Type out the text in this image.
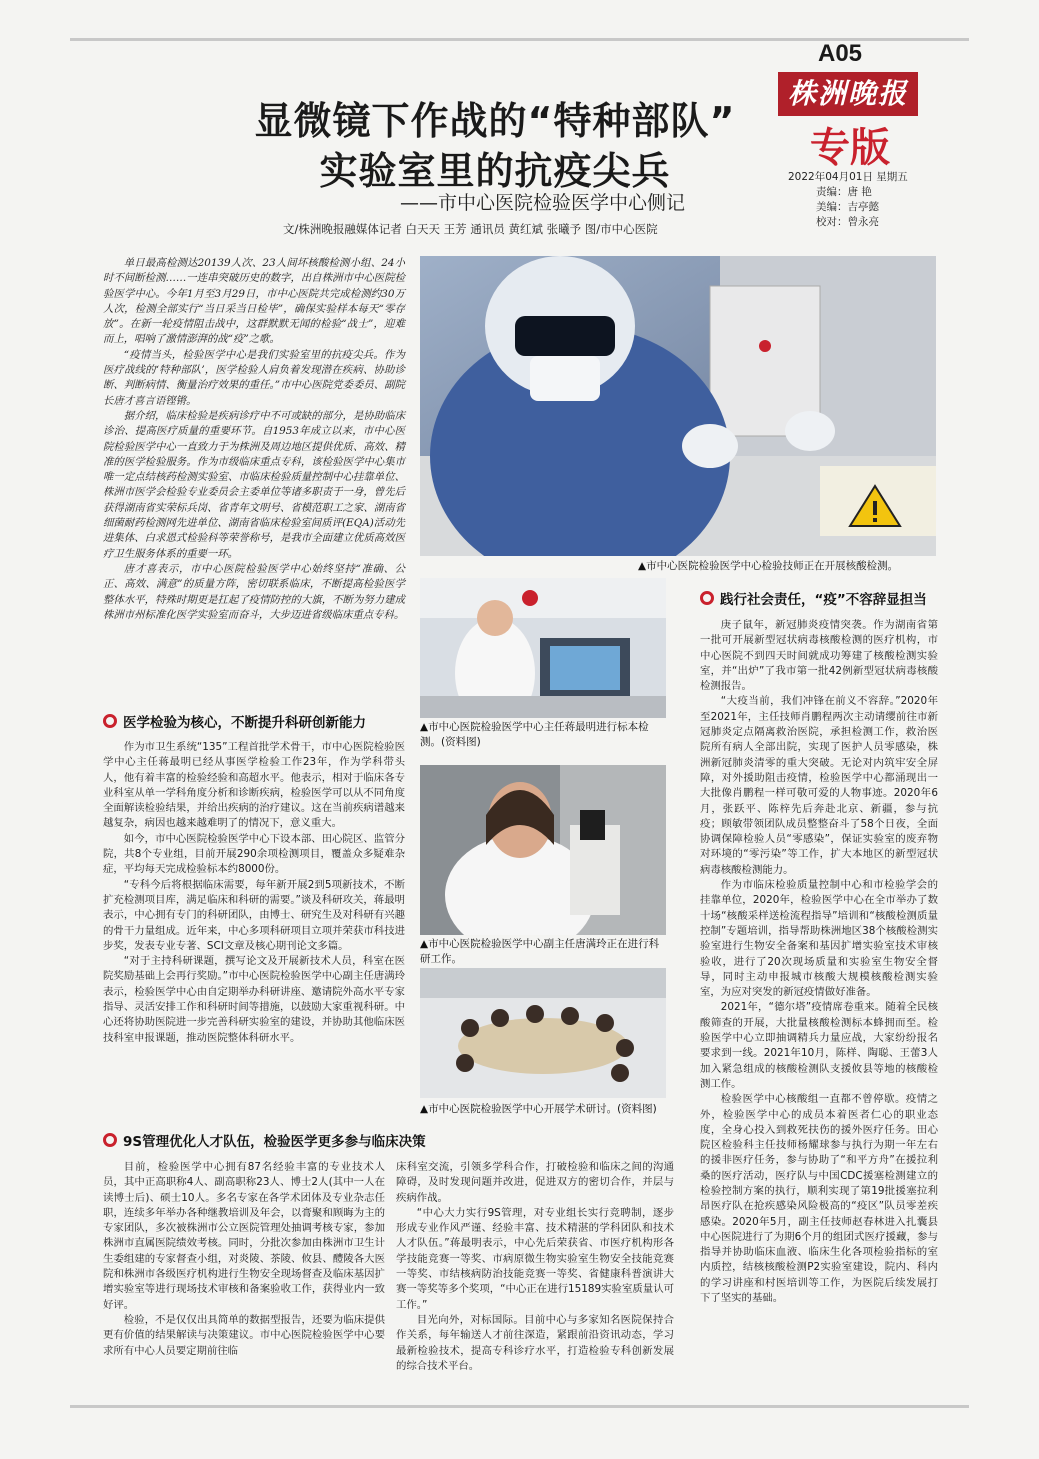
A05
株洲晚报
专版
2022年04月01日 星期五
责编：唐 艳
美编：吉亭懿
校对：曾永亮
显微镜下作战的“特种部队”
实验室里的抗疫尖兵
——市中心医院检验医学中心侧记
文/株洲晚报融媒体记者 白天天 王芳 通讯员 黄红斌 张曦予 图/市中心医院

单日最高检测达20139人次、23人间坏核酸检测小组、24小时不间断检测……一连串突破历史的数字，出自株洲市中心医院检验医学中心。今年1月至3月29日，市中心医院共完成检测约30万人次，检测全部实行“当日采当日检毕”，确保实验样本每天“零存放”。在新一轮疫情阻击战中，这群默默无闻的检验“战士”，迎难而上，唱响了激情澎湃的战“疫”之歌。

“疫情当头，检验医学中心是我们实验室里的抗疫尖兵。作为医疗战线的‘特种部队’，医学检验人肩负着发现潜在疾病、协助诊断、判断病情、衡量治疗效果的重任。”市中心医院党委委员、副院长唐才喜言语铿锵。

据介绍，临床检验是疾病诊疗中不可或缺的部分，是协助临床诊治、提高医疗质量的重要环节。自1953年成立以来，市中心医院检验医学中心一直致力于为株洲及周边地区提供优质、高效、精准的医学检验服务。作为市级临床重点专科，该检验医学中心集市唯一定点结核药检测实验室、市临床检验质量控制中心挂靠单位、株洲市医学会检验专业委员会主委单位等诸多职责于一身，曾先后获得湖南省实荣标兵岗、省青年文明号、省模范职工之家、湖南省细菌耐药检测网先进单位、湖南省临床检验室间质评(EQA)活动先进集体、白求恩式检验科等荣誉称号，是我市全面建立优质高效医疗卫生服务体系的重要一环。

唐才喜表示，市中心医院检验医学中心始终坚持“准确、公正、高效、满意”的质量方阵，密切联系临床，不断提高检验医学整体水平，特殊时期更是扛起了疫情防控的大旗，不断为努力建成株洲市州标准化医学实验室而奋斗，大步迈进省级临床重点专科。

▲市中心医院检验医学中心检验技师正在开展核酸检测。
医学检验为核心，不断提升科研创新能力

作为市卫生系统“135”工程首批学术骨干，市中心医院检验医学中心主任蒋最明已经从事医学检验工作23年，作为学科带头人，他有着丰富的检验经验和高超水平。他表示，相对于临床各专业科室从单一学科角度分析和诊断疾病，检验医学可以从不同角度全面解读检验结果，并给出疾病的治疗建议。这在当前疾病谱越来越复杂，病因也越来越难明了的情况下，意义重大。

如今，市中心医院检验医学中心下设本部、田心院区、监管分院，共8个专业组，目前开展290余项检测项目，覆盖众多疑难杂症，平均每天完成检验标本约8000份。

“专科今后将根据临床需要，每年新开展2到5项新技术，不断扩充检测项目库，满足临床和科研的需要。”谈及科研攻关，蒋最明表示，中心拥有专门的科研团队，由博士、研究生及对科研有兴趣的骨干力量组成。近年来，中心多项科研项目立项并荣获市科技进步奖，发表专业专著、SCI文章及核心期刊论文多篇。

“对于主持科研课题，撰写论文及开展新技术人员，科室在医院奖励基础上会再行奖励。”市中心医院检验医学中心副主任唐满玲表示，检验医学中心由自定期举办科研讲座、邀请院外高水平专家指导、灵活安排工作和科研时间等措施，以鼓励大家重视科研。中心还将协助医院进一步完善科研实验室的建设，并协助其他临床医技科室申报课题，推动医院整体科研水平。

▲市中心医院检验医学中心主任蒋最明进行标本检测。(资料图)
▲市中心医院检验医学中心副主任唐满玲正在进行科研工作。
▲市中心医院检验医学中心开展学术研讨。(资料图)
践行社会责任，“疫”不容辞显担当

庚子鼠年，新冠肺炎疫情突袭。作为湖南省第一批可开展新型冠状病毒核酸检测的医疗机构，市中心医院不到四天时间就成功筹建了核酸检测实验室，并“出炉”了我市第一批42例新型冠状病毒核酸检测报告。

“大疫当前，我们冲锋在前义不容辞。”2020年至2021年，主任技师肖鹏程两次主动请缨前往市新冠肺炎定点隔离救治医院，承担检测工作，救治医院所有病人全部出院，实现了医护人员零感染，株洲新冠肺炎清零的重大突破。无论对内筑牢安全屏障，对外援助阻击疫情，检验医学中心都涌现出一大批像肖鹏程一样可敬可爱的人物事迹。2020年6月，张跃平、陈梓先后奔赴北京、新疆，参与抗疫；顾敏带领团队成员整整奋斗了58个日夜，全面协调保障检验人员“零感染”，保证实验室的废弃物对环境的“零污染”等工作，扩大本地区的新型冠状病毒核酸检测能力。

作为市临床检验质量控制中心和市检验学会的挂靠单位，2020年，检验医学中心在全市举办了数十场“核酸采样送检流程指导”培训和“核酸检测质量控制”专题培训，指导帮助株洲地区38个核酸检测实验室进行生物安全备案和基因扩增实验室技术审核验收，进行了20次现场质量和实验室生物安全督导，同时主动申报城市核酸大规模核酸检测实验室，为应对突发的新冠疫情做好准备。

2021年，“德尔塔”疫情席卷重来。随着全民核酸筛查的开展，大批量核酸检测标本蜂拥而至。检验医学中心立即抽调精兵力量应战，大家纷纷报名要求到一线。2021年10月，陈样、陶聪、王蕾3人加入紧急组成的核酸检测队支援攸县等地的核酸检测工作。

检验医学中心核酸组一直都不曾停歇。疫情之外，检验医学中心的成员本着医者仁心的职业态度，全身心投入到救死扶伤的援外医疗任务。田心院区检验科主任技师杨耀球参与执行为期一年左右的援非医疗任务，参与协助了“和平方舟”在援拉利桑的医疗活动，医疗队与中国CDC援塞检测建立的检验控制方案的执行，顺利实现了第19批援塞拉利昂医疗队在抢疾感染风险极高的“疫区”队员零差疾感染。2020年5月，副主任技师赵春林进入扎囊县中心医院进行了为期6个月的组团式医疗援藏，参与指导并协助临床血液、临床生化各项检验指标的室内质控，结核核酸检测P2实验室建设，院内、科内的学习讲座和村医培训等工作，为医院后续发展打下了坚实的基础。

9S管理优化人才队伍，检验医学更多参与临床决策

目前，检验医学中心拥有87名经验丰富的专业技术人员，其中正高职称4人、副高职称23人、博士2人(其中一人在读博士后)、硕士10人。多名专家在各学术团体及专业杂志任职，连续多年举办各种继教培训及年会，以膏聚和顾晦为主的专家团队，多次被株洲市公立医院管理处抽调考核专家，参加株洲市直属医院绩效考核。同时，分批次参加由株洲市卫生计生委组建的专家督查小组，对炎陵、茶陵、攸县、醴陵各大医院和株洲市各级医疗机构进行生物安全现场督查及临床基因扩增实验室等进行现场技术审核和备案验收工作，获得业内一致好评。

检验，不是仅仅出具简单的数据型报告，还要为临床提供更有价值的结果解读与决策建议。市中心医院检验医学中心要求所有中心人员要定期前往临

床科室交流，引领多学科合作，打破检验和临床之间的沟通障碍，及时发现问题并改进，促进双方的密切合作，并层与疾病作战。

“中心大力实行9S管理，对专业组长实行竞聘制，逐步形成专业作风严谨、经验丰富、技术精湛的学科团队和技术人才队伍。”蒋最明表示，中心先后荣获省、市医疗机构形各学技能竞赛一等奖、市病原微生物实验室生物安全技能竞赛一等奖、市结核病防治技能竞赛一等奖、省健康科普演讲大赛一等奖等多个奖项，“中心正在进行15189实验室质量认可工作。”

目光向外，对标国际。目前中心与多家知名医院保持合作关系，每年输送人才前往深造，紧跟前沿资讯动态，学习最新检验技术，提高专科诊疗水平，打造检验专科创新发展的综合技术平台。
